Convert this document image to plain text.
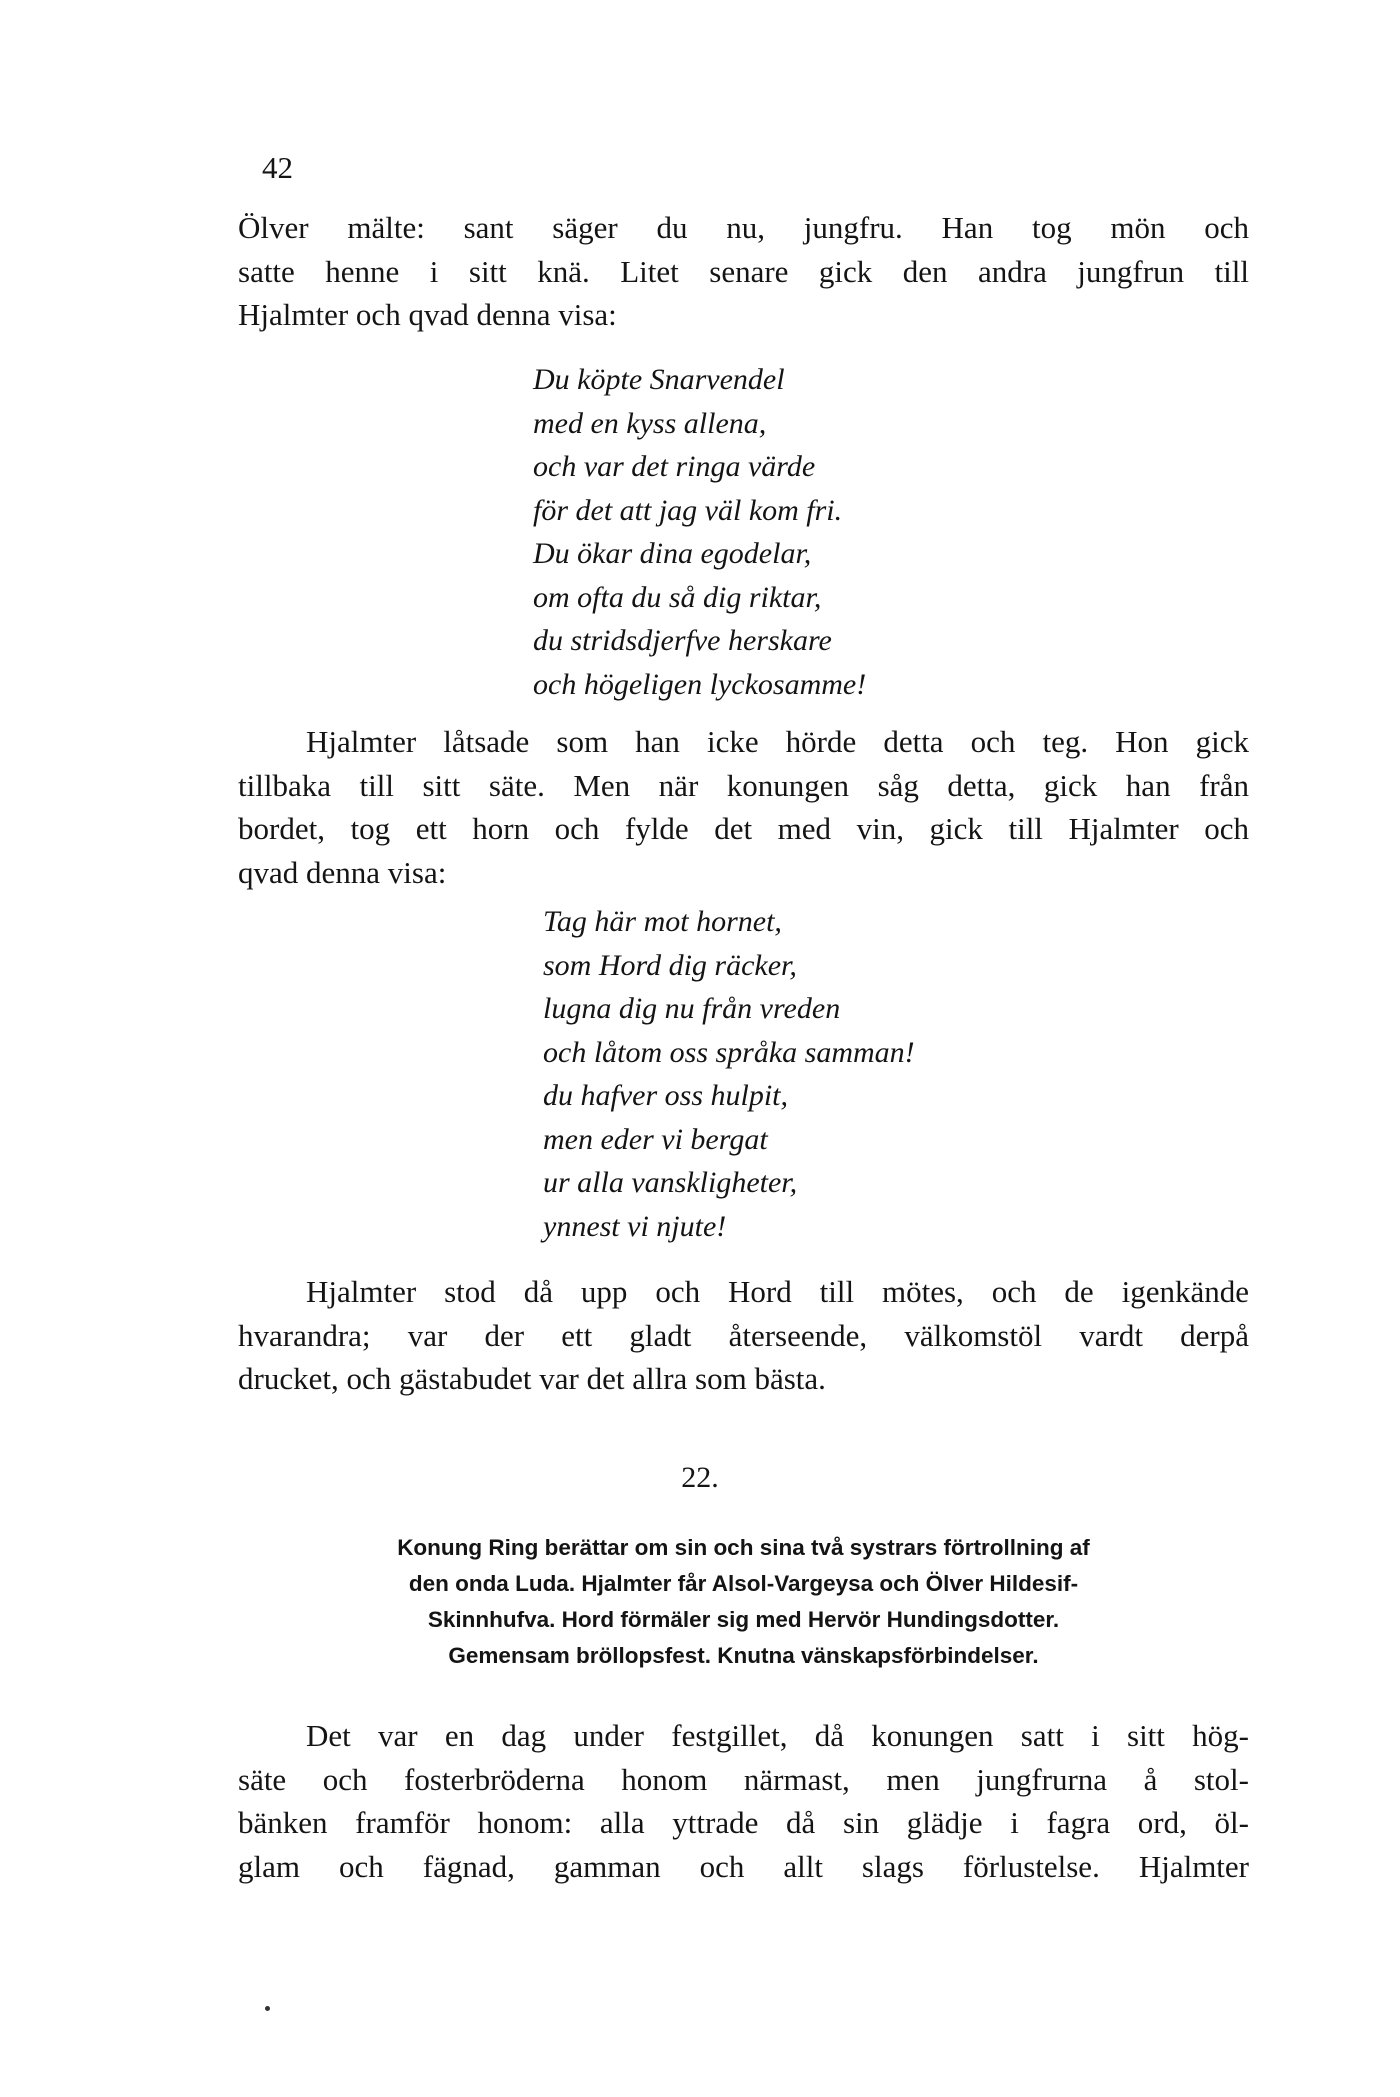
42

Ölver mälte: sant säger du nu, jungfru. Han tog mön och
satte henne i sitt knä. Litet senare gick den andra jungfrun till
Hjalmter och qvad denna visa:

Du köpte Snarvendel
med en kyss allena,
och var det ringa värde
för det att jag väl kom fri.
Du ökar dina egodelar,
om ofta du så dig riktar,
du stridsdjerfve herskare
och högeligen lyckosamme!

Hjalmter låtsade som han icke hörde detta och teg. Hon gick
tillbaka till sitt säte. Men när konungen såg detta, gick han från
bordet, tog ett horn och fylde det med vin, gick till Hjalmter och
qvad denna visa:

Tag här mot hornet,
som Hord dig räcker,
lugna dig nu från vreden
och låtom oss språka samman!
du hafver oss hulpit,
men eder vi bergat
ur alla vanskligheter,
ynnest vi njute!

Hjalmter stod då upp och Hord till mötes, och de igenkände
hvarandra; var der ett gladt återseende, välkomstöl vardt derpå
drucket, och gästabudet var det allra som bästa.

22.

Konung Ring berättar om sin och sina två systrars förtrollning af
den onda Luda. Hjalmter får Alsol-Vargeysa och Ölver Hildesif-
Skinnhufva. Hord förmäler sig med Hervör Hundingsdotter.
Gemensam bröllopsfest. Knutna vänskapsförbindelser.

Det var en dag under festgillet, då konungen satt i sitt hög-
säte och fosterbröderna honom närmast, men jungfrurna å stol-
bänken framför honom: alla yttrade då sin glädje i fagra ord, öl-
glam och fägnad, gamman och allt slags förlustelse. Hjalmter
